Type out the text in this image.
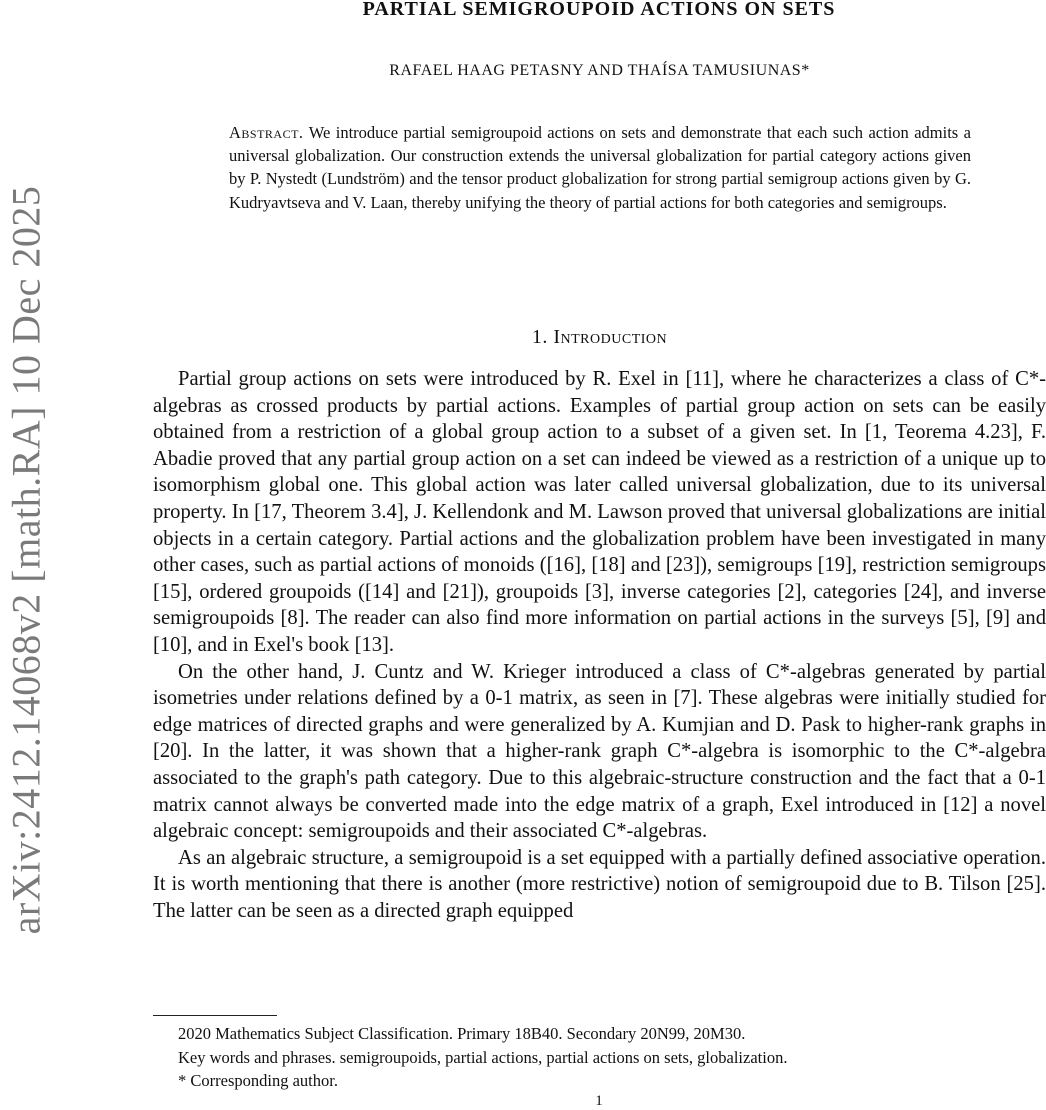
arXiv:2412.14068v2 [math.RA] 10 Dec 2025
PARTIAL SEMIGROUPOID ACTIONS ON SETS
RAFAEL HAAG PETASNY AND THAÍSA TAMUSIUNAS*
Abstract. We introduce partial semigroupoid actions on sets and demonstrate that each such action admits a universal globalization. Our construction extends the universal globalization for partial category actions given by P. Nystedt (Lundström) and the tensor product globalization for strong partial semigroup actions given by G. Kudryavtseva and V. Laan, thereby unifying the theory of partial actions for both categories and semigroups.
1. Introduction

Partial group actions on sets were introduced by R. Exel in [11], where he characterizes a class of C*-algebras as crossed products by partial actions. Examples of partial group action on sets can be easily obtained from a restriction of a global group action to a subset of a given set. In [1, Teorema 4.23], F. Abadie proved that any partial group action on a set can indeed be viewed as a restriction of a unique up to isomorphism global one. This global action was later called universal globalization, due to its universal property. In [17, Theorem 3.4], J. Kellendonk and M. Lawson proved that universal globalizations are initial objects in a certain category. Partial actions and the globalization problem have been investigated in many other cases, such as partial actions of monoids ([16], [18] and [23]), semigroups [19], restriction semigroups [15], ordered groupoids ([14] and [21]), groupoids [3], inverse categories [2], categories [24], and inverse semigroupoids [8]. The reader can also find more information on partial actions in the surveys [5], [9] and [10], and in Exel's book [13].

On the other hand, J. Cuntz and W. Krieger introduced a class of C*-algebras generated by partial isometries under relations defined by a 0-1 matrix, as seen in [7]. These algebras were initially studied for edge matrices of directed graphs and were generalized by A. Kumjian and D. Pask to higher-rank graphs in [20]. In the latter, it was shown that a higher-rank graph C*-algebra is isomorphic to the C*-algebra associated to the graph's path category. Due to this algebraic-structure construction and the fact that a 0-1 matrix cannot always be converted made into the edge matrix of a graph, Exel introduced in [12] a novel algebraic concept: semigroupoids and their associated C*-algebras.

As an algebraic structure, a semigroupoid is a set equipped with a partially defined associative operation. It is worth mentioning that there is another (more restrictive) notion of semigroupoid due to B. Tilson [25]. The latter can be seen as a directed graph equipped

2020 Mathematics Subject Classification. Primary 18B40. Secondary 20N99, 20M30.
Key words and phrases. semigroupoids, partial actions, partial actions on sets, globalization.
* Corresponding author.
1
